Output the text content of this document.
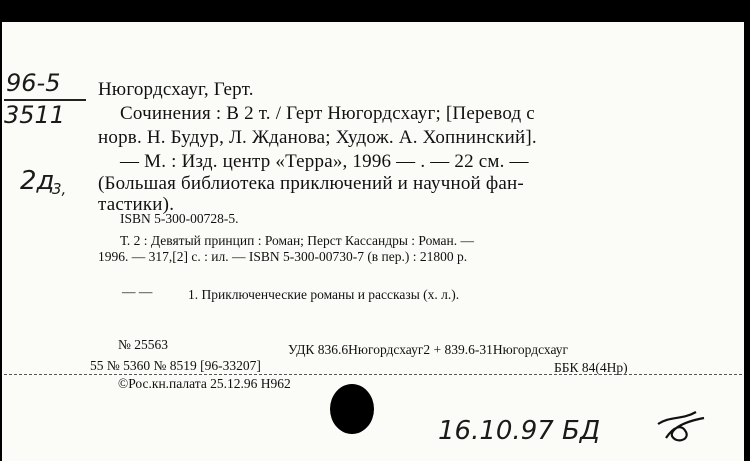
96-5
3511
2д
3,
Нюгордсхауг, Герт.
Сочинения : В 2 т. / Герт Нюгордсхауг; [Перевод с
норв. Н. Будур, Л. Жданова; Худож. А. Хопнинский].
— М. : Изд. центр «Терра», 1996 — . — 22 см. —
(Большая библиотека приключений и научной фан-
тастики).
ISBN 5-300-00728-5.
Т. 2 : Девятый принцип : Роман; Перст Кассандры : Роман. —
1996. — 317,[2] с. : ил. — ISBN 5-300-00730-7 (в пер.) : 21800 р.
— —	1. Приключенческие романы и рассказы (х. л.).
№ 25563	УДК 836.6Нюгордсхауг2 + 839.6-31Нюгордсхауг
55 № 5360 № 8519 [96-33207]	ББК 84(4Нр)
©Рос.кн.палата 25.12.96 Н962
16.10.97 БД
